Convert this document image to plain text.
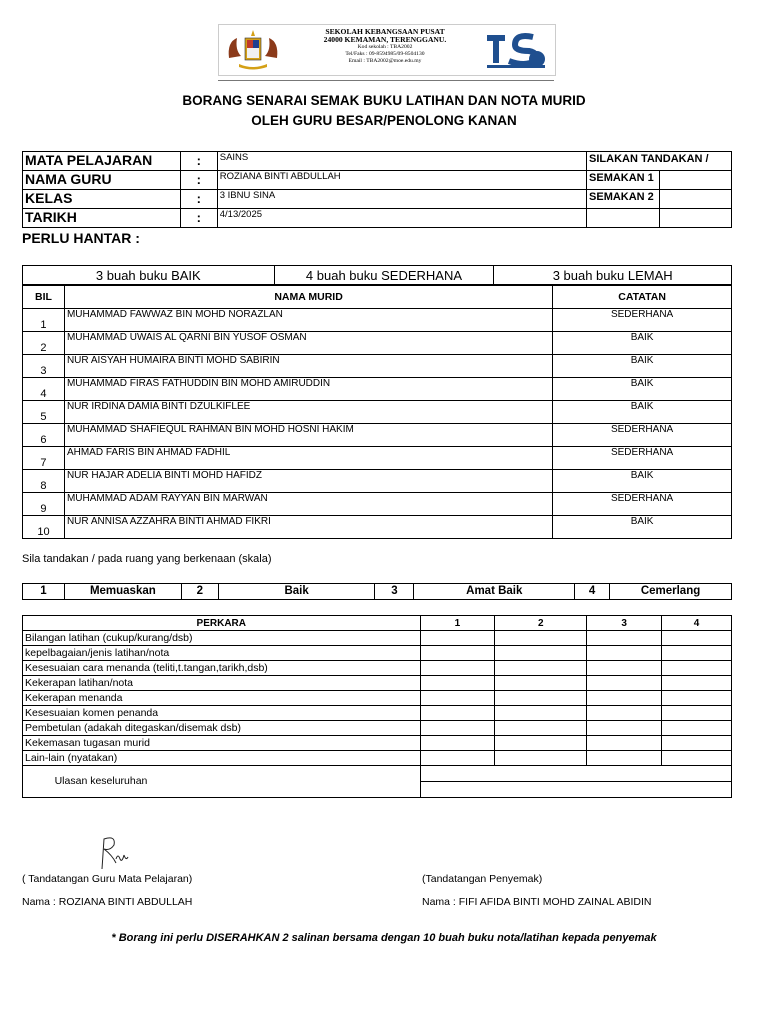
SEKOLAH KEBANGSAAN PUSAT
24000 KEMAMAN, TERENGGANU.
Kod sekolah : TBA2002
Tel/Faks : 09-8594985/09-8504130
Email : TBA2002@moe.edu.my
BORANG SENARAI SEMAK BUKU LATIHAN DAN NOTA MURID
OLEH GURU BESAR/PENOLONG KANAN
MATA PELAJARAN	:	SAINS	SILAKAN TANDAKAN /	
NAMA GURU	:	ROZIANA BINTI ABDULLAH	SEMAKAN 1	
KELAS	:	3 IBNU SINA	SEMAKAN 2	
TARIKH	:	4/13/2025		
PERLU HANTAR :
3 buah buku BAIK	4 buah buku SEDERHANA	3 buah buku LEMAH
BIL	NAMA MURID	CATATAN
1	MUHAMMAD FAWWAZ BIN MOHD NORAZLAN	SEDERHANA
2	MUHAMMAD UWAIS AL QARNI BIN YUSOF OSMAN	BAIK
3	NUR AISYAH HUMAIRA BINTI MOHD SABIRIN	BAIK
4	MUHAMMAD FIRAS FATHUDDIN BIN MOHD AMIRUDDIN	BAIK
5	NUR IRDINA DAMIA BINTI DZULKIFLEE	BAIK
6	MUHAMMAD SHAFIEQUL RAHMAN BIN MOHD HOSNI HAKIM	SEDERHANA
7	AHMAD FARIS BIN AHMAD FADHIL	SEDERHANA
8	NUR HAJAR ADELIA BINTI MOHD HAFIDZ	BAIK
9	MUHAMMAD ADAM RAYYAN BIN MARWAN	SEDERHANA
10	NUR ANNISA AZZAHRA BINTI AHMAD FIKRI	BAIK
Sila tandakan / pada ruang yang berkenaan (skala)
1	Memuaskan	2	Baik	3	Amat Baik	4	Cemerlang
PERKARA	1	2	3	4
Bilangan latihan (cukup/kurang/dsb)				
kepelbagaian/jenis latihan/nota				
Kesesuaian cara menanda (teliti,t.tangan,tarikh,dsb)				
Kekerapan latihan/nota				
Kekerapan menanda				
Kesesuaian komen penanda				
Pembetulan (adakah ditegaskan/disemak dsb)				
Kekemasan tugasan murid				
Lain-lain (nyatakan)				

Ulasan keseluruhan				

( Tandatangan Guru Mata Pelajaran)	(Tandatangan Penyemak)
Nama : ROZIANA BINTI ABDULLAH	Nama : FIFI AFIDA BINTI MOHD ZAINAL ABIDIN
* Borang ini perlu DISERAHKAN 2 salinan bersama dengan 10 buah buku nota/latihan kepada penyemak
